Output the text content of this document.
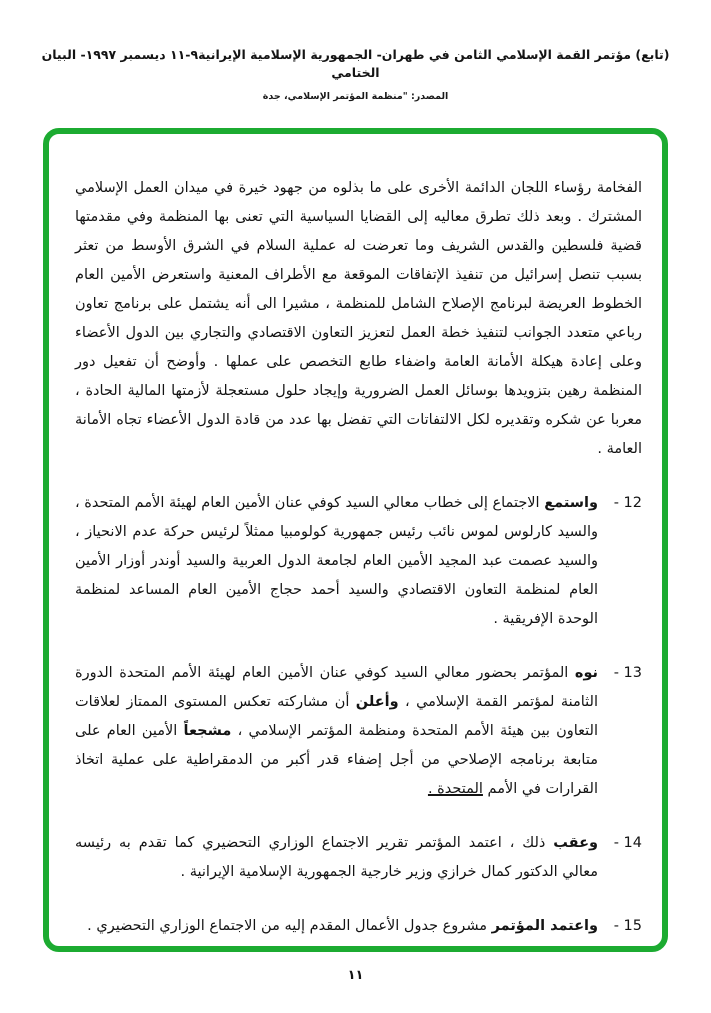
(تابع) مؤتمر القمة الإسلامي الثامن في طهران- الجمهورية الإسلامية الإيرانية٩-١١ ديسمبر ١٩٩٧- البيان الختامي
المصدر: "منظمة المؤتمر الإسلامي، جدة

الفخامة رؤساء اللجان الدائمة الأخرى على ما بذلوه من جهود خيرة في ميدان العمل الإسلامي المشترك . وبعد ذلك تطرق معاليه إلى القضايا السياسية التي تعنى بها المنظمة وفي مقدمتها قضية فلسطين والقدس الشريف وما تعرضت له عملية السلام في الشرق الأوسط من تعثر بسبب تنصل إسرائيل من تنفيذ الإتفاقات الموقعة مع الأطراف المعنية واستعرض الأمين العام الخطوط العريضة لبرنامج الإصلاح الشامل للمنظمة ، مشيرا الى أنه يشتمل على برنامج تعاون رباعي متعدد الجوانب لتنفيذ خطة العمل لتعزيز التعاون الاقتصادي والتجاري بين الدول الأعضاء وعلى إعادة هيكلة الأمانة العامة واضفاء طابع التخصص على عملها . وأوضح أن تفعيل دور المنظمة رهين بتزويدها بوسائل العمل الضرورية وإيجاد حلول مستعجلة لأزمتها المالية الحادة ، معربا عن شكره وتقديره لكل الالتفاتات التي تفضل بها عدد من قادة الدول الأعضاء تجاه الأمانة العامة .

12 -
واستمع الاجتماع إلى خطاب معالي السيد كوفي عنان الأمين العام لهيئة الأمم المتحدة ، والسيد كارلوس لموس نائب رئيس جمهورية كولومبيا ممثلاً لرئيس حركة عدم الانحياز ، والسيد عصمت عبد المجيد الأمين العام لجامعة الدول العربية والسيد أوندر أوزار الأمين العام لمنظمة التعاون الاقتصادي والسيد أحمد حجاج الأمين العام المساعد لمنظمة الوحدة الإفريقية .
13 -
نوه المؤتمر بحضور معالي السيد كوفي عنان الأمين العام لهيئة الأمم المتحدة الدورة الثامنة لمؤتمر القمة الإسلامي ، وأعلن أن مشاركته تعكس المستوى الممتاز لعلاقات التعاون بين هيئة الأمم المتحدة ومنظمة المؤتمر الإسلامي ، مشجعاً الأمين العام على متابعة برنامجه الإصلاحي من أجل إضفاء قدر أكبر من الدمقراطية على عملية اتخاذ القرارات في الأمم المتحدة .
14 -
وعقب ذلك ، اعتمد المؤتمر تقرير الاجتماع الوزاري التحضيري كما تقدم به رئيسه معالي الدكتور كمال خرازي وزير خارجية الجمهورية الإسلامية الإيرانية .
15 -
واعتمد المؤتمر مشروع جدول الأعمال المقدم إليه من الاجتماع الوزاري التحضيري .
١١
